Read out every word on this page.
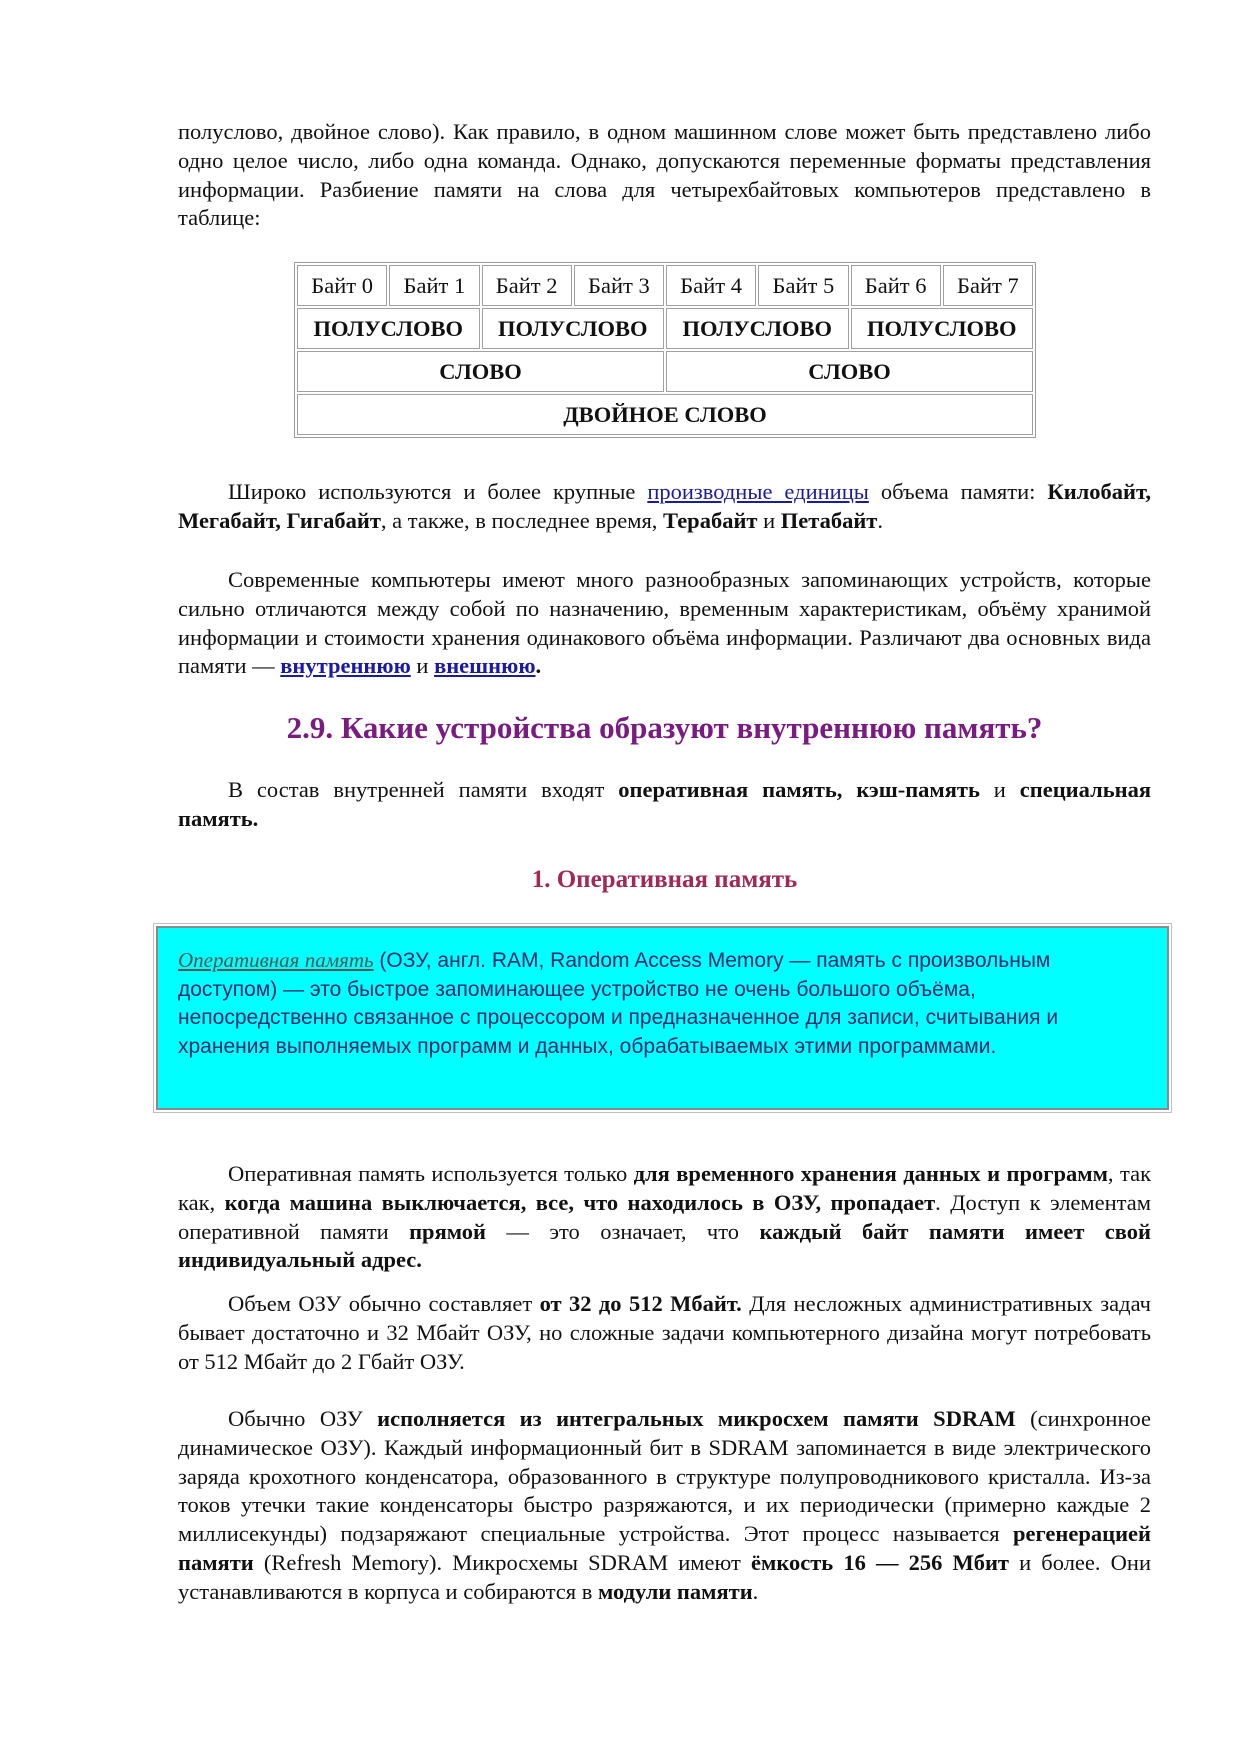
полуслово, двойное слово). Как правило, в одном машинном слове может быть представлено либо одно целое число, либо одна команда. Однако, допускаются переменные форматы представления информации. Разбиение памяти на слова для четырехбайтовых компьютеров представлено в таблице:

Байт 0	Байт 1	Байт 2	Байт 3	Байт 4	Байт 5	Байт 6	Байт 7
ПОЛУСЛОВО		ПОЛУСЛОВО		ПОЛУСЛОВО		ПОЛУСЛОВО	
СЛОВО				СЛОВО			
ДВОЙНОЕ СЛОВО							

Широко используются и более крупные производные единицы объема памяти: Килобайт, Мегабайт, Гигабайт, а также, в последнее время, Терабайт и Петабайт.

Современные компьютеры имеют много разнообразных запоминающих устройств, которые сильно отличаются между собой по назначению, временным характеристикам, объёму хранимой информации и стоимости хранения одинакового объёма информации. Различают два основных вида памяти — внутреннюю и внешнюю.

2.9. Какие устройства образуют внутреннюю память?

В состав внутренней памяти входят оперативная память, кэш-память и специальная память.

1. Оперативная память

Оперативная память (ОЗУ, англ. RAM, Random Access Memory — память с произвольным доступом) — это быстрое запоминающее устройство не очень большого объёма, непосредственно связанное с процессором и предназначенное для записи, считывания и хранения выполняемых программ и данных, обрабатываемых этими программами.

Оперативная память используется только для временного хранения данных и программ, так как, когда машина выключается, все, что находилось в ОЗУ, пропадает. Доступ к элементам оперативной памяти прямой — это означает, что каждый байт памяти имеет свой индивидуальный адрес.

Объем ОЗУ обычно составляет от 32 до 512 Мбайт. Для несложных административных задач бывает достаточно и 32 Мбайт ОЗУ, но сложные задачи компьютерного дизайна могут потребовать от 512 Мбайт до 2 Гбайт ОЗУ.

Обычно ОЗУ исполняется из интегральных микросхем памяти SDRAM (синхронное динамическое ОЗУ). Каждый информационный бит в SDRAM запоминается в виде электрического заряда крохотного конденсатора, образованного в структуре полупроводникового кристалла. Из-за токов утечки такие конденсаторы быстро разряжаются, и их периодически (примерно каждые 2 миллисекунды) подзаряжают специальные устройства. Этот процесс называется регенерацией памяти (Refresh Memory). Микросхемы SDRAM имеют ёмкость 16 — 256 Мбит и более. Они устанавливаются в корпуса и собираются в модули памяти.
